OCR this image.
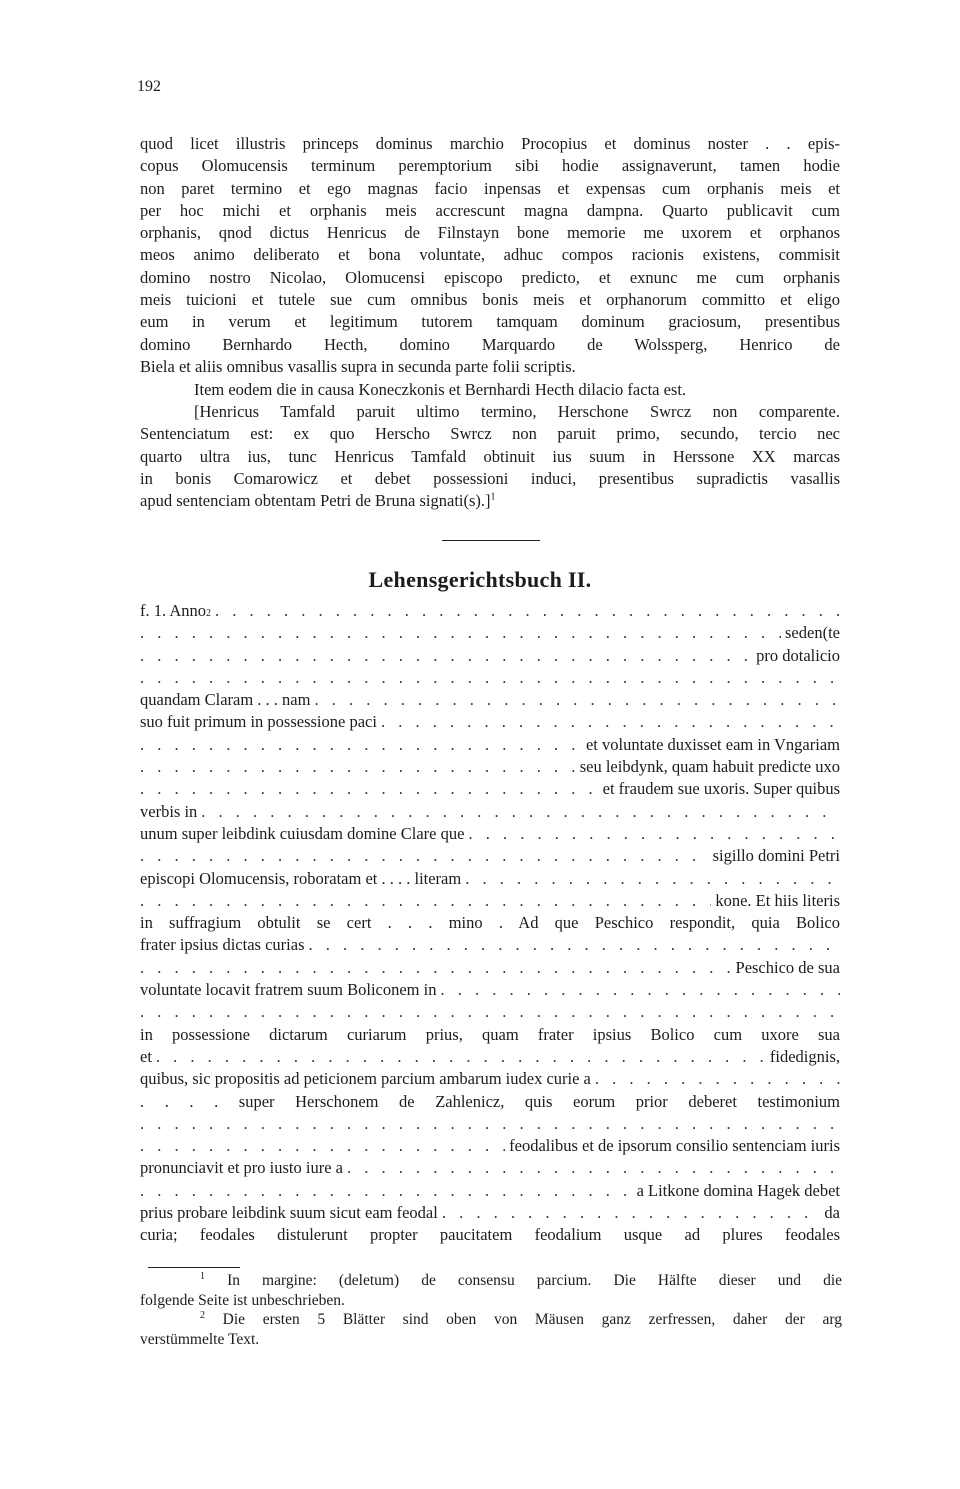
192
quod licet illustris princeps dominus marchio Procopius et dominus noster . . epis-
copus Olomucensis terminum peremptorium sibi hodie assignaverunt, tamen hodie
non paret termino et ego magnas facio inpensas et expensas cum orphanis meis et
per hoc michi et orphanis meis accrescunt magna dampna. Quarto publicavit cum
orphanis, qnod dictus Henricus de Filnstayn bone memorie me uxorem et orphanos
meos animo deliberato et bona voluntate, adhuc compos racionis existens, commisit
domino nostro Nicolao, Olomucensi episcopo predicto, et exnunc me cum orphanis
meis tuicioni et tutele sue cum omnibus bonis meis et orphanorum committo et eligo
eum in verum et legitimum tutorem tamquam dominum graciosum, presentibus
domino Bernhardo Hecth, domino Marquardo de Wolssperg, Henrico de
Biela et aliis omnibus vasallis supra in secunda parte folii scriptis.
Item eodem die in causa Koneczkonis et Bernhardi Hecth dilacio facta est.
[Henricus Tamfald paruit ultimo termino, Herschone Swrcz non comparente.
Sentenciatum est: ex quo Herscho Swrcz non paruit primo, secundo, tercio nec
quarto ultra ius, tunc Henricus Tamfald obtinuit ius suum in Herssone XX marcas
in bonis Comarowicz et debet possessioni induci, presentibus supradictis vasallis
apud sentenciam obtentam Petri de Bruna signati(s).]$^1$
Lehensgerichtsbuch II.
f. 1. Anno 2
. . .
. . .
seden(te
. . .
pro dotalicio
. . .
quandam Claram . . . nam
. . .
suo fuit primum in possessione paci
. . .
. . .
et voluntate duxisset eam in Vngariam
. . .
seu leibdynk, quam habuit predicte uxo
. . .
et fraudem sue uxoris. Super quibus
verbis in
. . .
unum super leibdink cuiusdam domine Clare que
. . .
. . .
sigillo domini Petri
episcopi Olomucensis, roboratam et . . . . literam
. . .
. . .
kone. Et hiis literis
in suffragium obtulit se cert . . . mino . Ad que Peschico respondit, quia Bolico
frater ipsius dictas curias
. . .
. . .
Peschico de sua
voluntate locavit fratrem suum Boliconem in
. . .
. . .
in possessione dictarum curiarum prius, quam frater ipsius Bolico cum uxore sua
et . . .	fidedignis,
quibus, sic propositis ad peticionem parcium ambarum iudex curie a
. . .
. . . . super Herschonem de Zahlenicz, quis eorum prior deberet testimonium
. . .
. . .
feodalibus et de ipsorum consilio sentenciam iuris
pronunciavit et pro iusto iure a
. . .
. . .
a Litkone domina Hagek debet
prius probare leibdink suum sicut eam feodal . . .	da
curia; feodales distulerunt propter paucitatem feodalium usque ad plures feodales
$^1$ In margine: (deletum) de consensu parcium. Die Hälfte dieser und die
folgende Seite ist unbeschrieben.
$^2$ Die ersten 5 Blätter sind oben von Mäusen ganz zerfressen, daher der arg
verstümmelte Text.
